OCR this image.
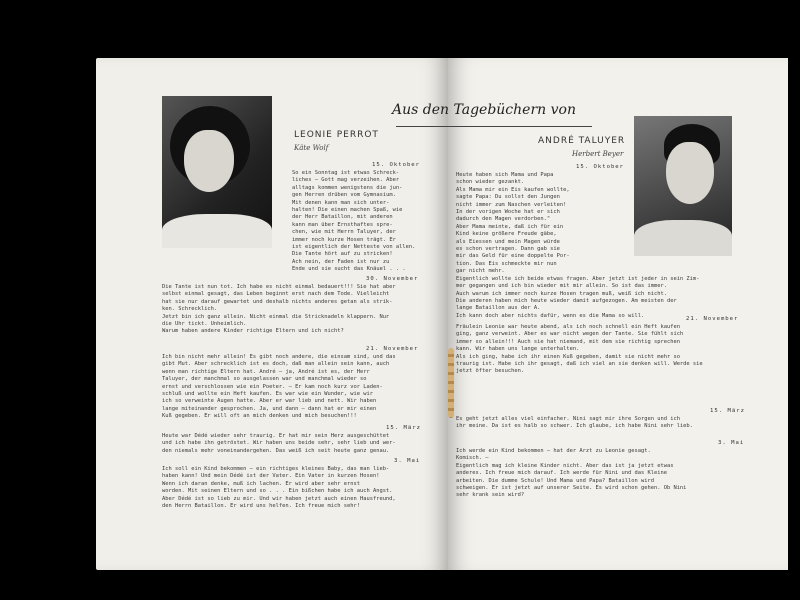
LEONIE PERROT
Käte Wolf
15. Oktober
So ein Sonntag ist etwas Schreck-
liches — Gott mag verzeihen. Aber
alltags kommen wenigstens die jun-
gen Herren drüben vom Gymnasium.
Mit denen kann man sich unter-
halten! Die einen machen Spaß, wie
der Herr Bataillon, mit anderen
kann man über Ernsthaftes spre-
chen, wie mit Herrn Taluyer, der
immer noch kurze Hosen trägt. Er
ist eigentlich der Netteste von allen.
Die Tante hört auf zu stricken!
Ach nein, der Faden ist nur zu
Ende und sie sucht das Knäuel . . .
30. November
Die Tante ist nun tot. Ich habe es nicht einmal bedauert!!! Sie hat aber
selbst einmal gesagt, das Leben beginnt erst nach dem Tode. Vielleicht
hat sie nur darauf gewartet und deshalb nichts anderes getan als strik-
ken. Schrecklich.
Jetzt bin ich ganz allein. Nicht einmal die Stricknadeln klappern. Nur
die Uhr tickt. Unheimlich.
Warum haben andere Kinder richtige Eltern und ich nicht?
21. November
Ich bin nicht mehr allein! Es gibt noch andere, die einsam sind, und das
gibt Mut. Aber schrecklich ist es doch, daß man allein sein kann, auch
wenn man richtige Eltern hat. André — ja, André ist es, der Herr
Taluyer, der manchmal so ausgelassen war und manchmal wieder so
ernst und verschlossen wie ein Poeter. — Er kam noch kurz vor Laden-
schluß und wollte ein Heft kaufen. Es war wie ein Wunder, wie wir
ich so verweinte Augen hatte. Aber er war lieb und nett. Wir haben
lange miteinander gesprochen. Ja, und dann — dann hat er mir einen
Kuß gegeben. Er will oft an mich denken und mich besuchen!!!
15. März
Heute war Dédé wieder sehr traurig. Er hat mir sein Herz ausgeschüttet
und ich habe ihn getröstet. Wir haben uns beide sehr, sehr lieb und wer-
den niemals mehr voneinandergehen. Das weiß ich seit heute ganz genau.
3. Mai
Ich soll ein Kind bekommen — ein richtiges kleines Baby, das man lieb-
haben kann! Und mein Dédé ist der Vater. Ein Vater in kurzen Hosen!
Wenn ich daran denke, muß ich lachen. Er wird aber sehr ernst
worden. Mit seinen Eltern und so . . . Ein bißchen habe ich auch Angst.
Aber Dédé ist so lieb zu mir. Und wir haben jetzt auch einen Hausfreund,
den Herrn Bataillon. Er wird uns helfen. Ich freue mich sehr!
ANDRÉ TALUYER
Herbert Beyer
15. Oktober
Heute haben sich Mama und Papa
schon wieder gezankt.
Als Mama mir ein Eis kaufen wollte,
sagte Papa: Du sollst den Jungen
nicht immer zum Naschen verleiten!
In der vorigen Woche hat er sich
dadurch den Magen verdorben."
Aber Mama meinte, daß ich für ein
Kind keine größere Freude gäbe,
als Eiessen und mein Magen würde
es schon vertragen. Dann gab sie
mir das Geld für eine doppelte Por-
tion. Das Eis schmeckte mir nun
gar nicht mehr.
Eigentlich wollte ich beide etwas fragen. Aber jetzt ist jeder in sein Zim-
mer gegangen und ich bin wieder mit mir allein. So ist das immer.
Auch warum ich immer noch kurze Hosen tragen muß, weiß ich nicht.
Die anderen haben mich heute wieder damit aufgezogen. Am meisten der
lange Bataillon aus der A.
Ich kann doch aber nichts dafür, wenn es die Mama so will.
21. November
Fräulein Leonie war heute abend, als ich noch schnell ein Heft kaufen
ging, ganz verweint. Aber es war nicht wegen der Tante. Sie fühlt sich
immer so allein!!! Auch sie hat niemand, mit dem sie richtig sprechen
kann. Wir haben uns lange unterhalten.
Als ich ging, habe ich ihr einen Kuß gegeben, damit sie nicht mehr so
traurig ist. Habe ich ihr gesagt, daß ich viel an sie denken will. Werde sie
jetzt öfter besuchen.
15. März
Es geht jetzt alles viel einfacher. Nini sagt mir ihre Sorgen und ich
ihr meine. Da ist es halb so schwer. Ich glaube, ich habe Nini sehr lieb.
3. Mai
Ich werde ein Kind bekommen — hat der Arzt zu Leonie gesagt.
Komisch. —
Eigentlich mag ich kleine Kinder nicht. Aber das ist ja jetzt etwas
anderes. Ich freue mich darauf. Ich werde für Nini und das Kleine
arbeiten. Die dumme Schule! Und Mama und Papa? Bataillon wird
schweigen. Er ist jetzt auf unserer Seite. Es wird schon gehen. Ob Nini
sehr krank sein wird?
Aus den Tagebüchern von
